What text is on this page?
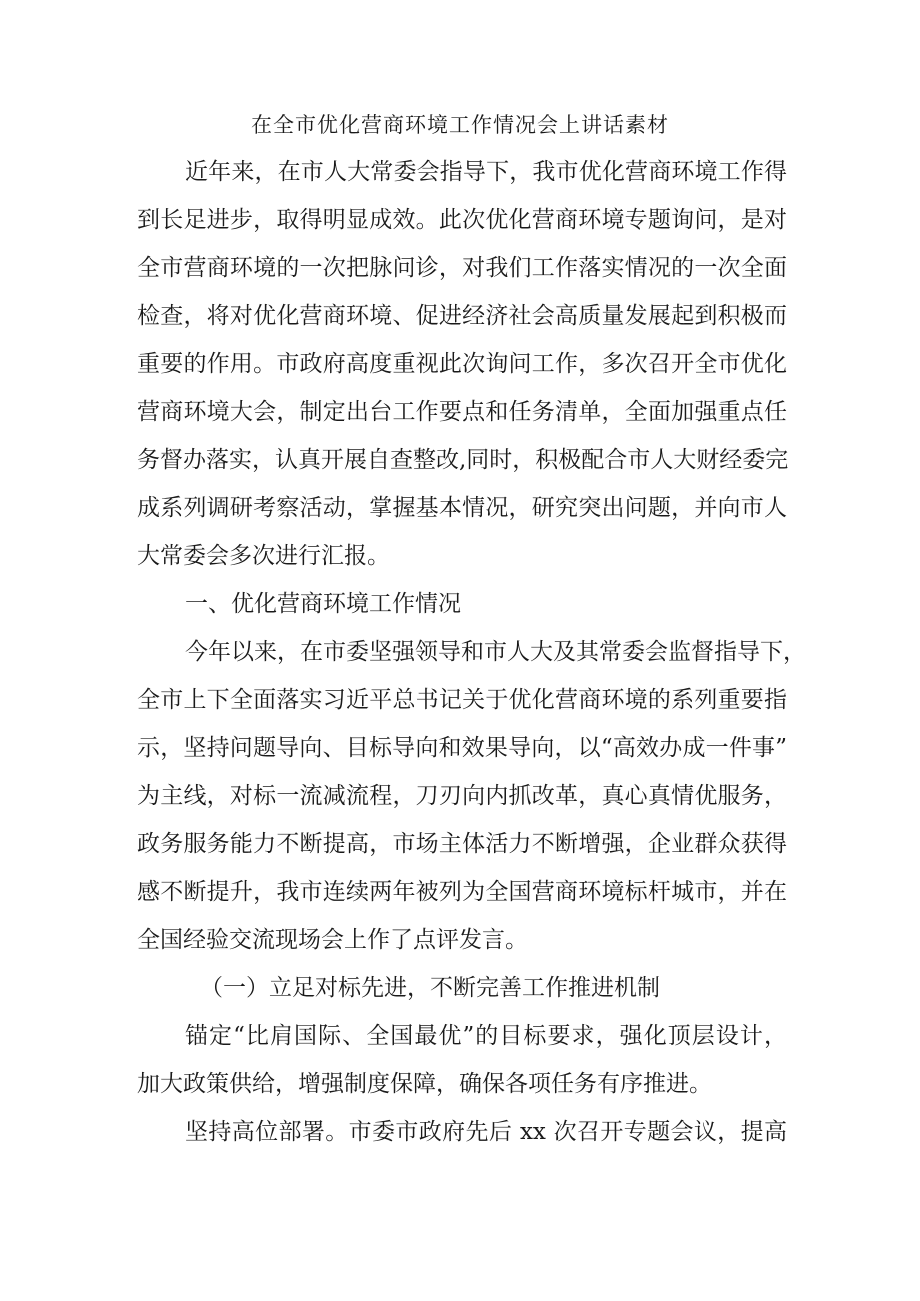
在全市优化营商环境工作情况会上讲话素材
近年来，在市人大常委会指导下，我市优化营商环境工作得
到长足进步，取得明显成效。此次优化营商环境专题询问，是对
全市营商环境的一次把脉问诊，对我们工作落实情况的一次全面
检查，将对优化营商环境、促进经济社会高质量发展起到积极而
重要的作用。市政府高度重视此次询问工作，多次召开全市优化
营商环境大会，制定出台工作要点和任务清单，全面加强重点任
务督办落实，认真开展自查整改,同时，积极配合市人大财经委完
成系列调研考察活动，掌握基本情况，研究突出问题，并向市人
大常委会多次进行汇报。
一、优化营商环境工作情况
今年以来，在市委坚强领导和市人大及其常委会监督指导下，
全市上下全面落实习近平总书记关于优化营商环境的系列重要指
示，坚持问题导向、目标导向和效果导向，以“高效办成一件事”
为主线，对标一流减流程，刀刃向内抓改革，真心真情优服务，
政务服务能力不断提高，市场主体活力不断增强，企业群众获得
感不断提升，我市连续两年被列为全国营商环境标杆城市，并在
全国经验交流现场会上作了点评发言。
（一）立足对标先进，不断完善工作推进机制
锚定“比肩国际、全国最优”的目标要求，强化顶层设计，
加大政策供给，增强制度保障，确保各项任务有序推进。
坚持高位部署。市委市政府先后 xx 次召开专题会议，提高
